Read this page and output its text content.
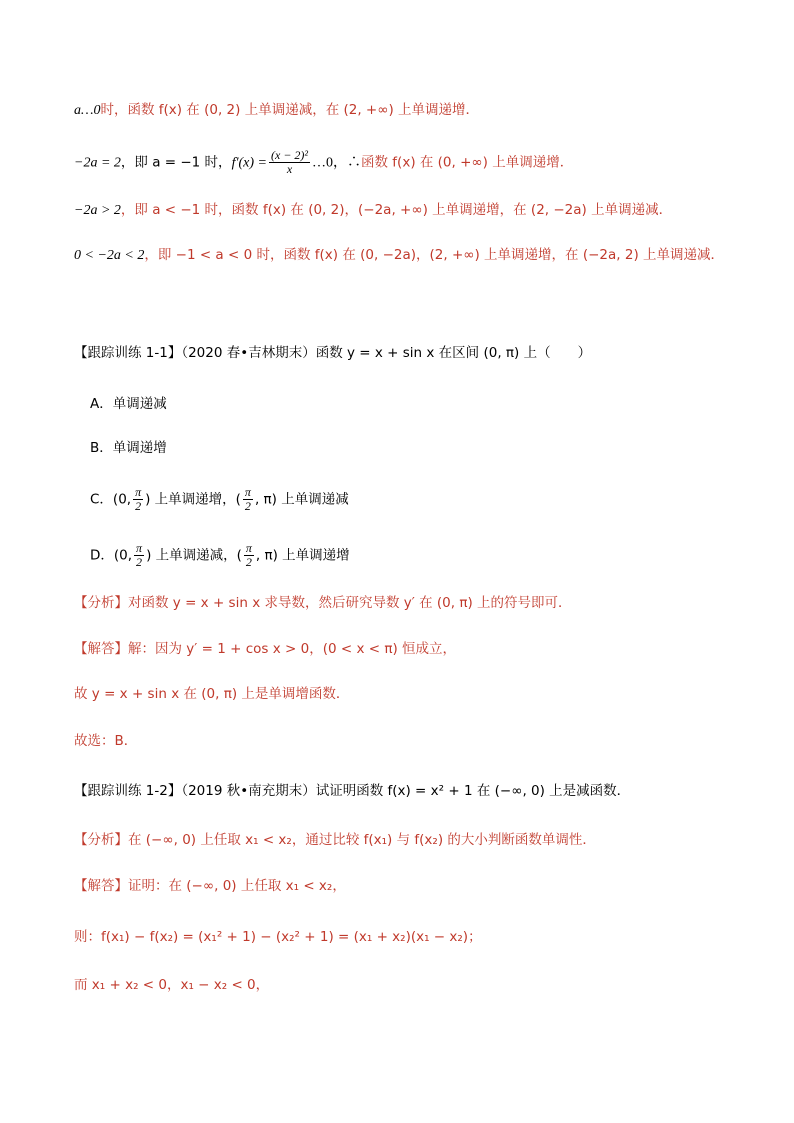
a…0时，函数 f(x) 在 (0, 2) 上单调递减，在 (2, +∞) 上单调递增．
−2a = 2，即 a = −1 时，$f'(x) = \frac{\text{(x − 2)²}}{x}$ …0，∴函数 f(x) 在 (0, +∞) 上单调递增．
−2a > 2，即 a < −1 时，函数 f(x) 在 (0, 2)，(−2a, +∞) 上单调递增，在 (2, −2a) 上单调递减．
0 < −2a < 2，即 −1 < a < 0 时，函数 f(x) 在 (0, −2a)，(2, +∞) 上单调递增，在 (−2a, 2) 上单调递减．
【跟踪训练 1-1】（2020 春•吉林期末）函数 y = x + sin x 在区间 (0, π) 上（　　）
A．单调递减
B．单调递增
C．(0, $\frac{\pi}{2}$ ) 上单调递增，( $\frac{\pi}{2}$ , π) 上单调递减
D．(0, $\frac{\pi}{2}$ ) 上单调递减，( $\frac{\pi}{2}$ , π) 上单调递增
【分析】对函数 y = x + sin x 求导数，然后研究导数 y′ 在 (0, π) 上的符号即可．
【解答】解：因为 y′ = 1 + cos x > 0，(0 < x < π) 恒成立，
故 y = x + sin x 在 (0, π) 上是单调增函数．
故选：B．
【跟踪训练 1-2】（2019 秋•南充期末）试证明函数 f(x) = x² + 1 在 (−∞, 0) 上是减函数．
【分析】在 (−∞, 0) 上任取 x₁ < x₂，通过比较 f(x₁) 与 f(x₂) 的大小判断函数单调性．
【解答】证明：在 (−∞, 0) 上任取 x₁ < x₂，
则：f(x₁) − f(x₂) = (x₁² + 1) − (x₂² + 1) = (x₁ + x₂)(x₁ − x₂)；
而 x₁ + x₂ < 0，x₁ − x₂ < 0，
